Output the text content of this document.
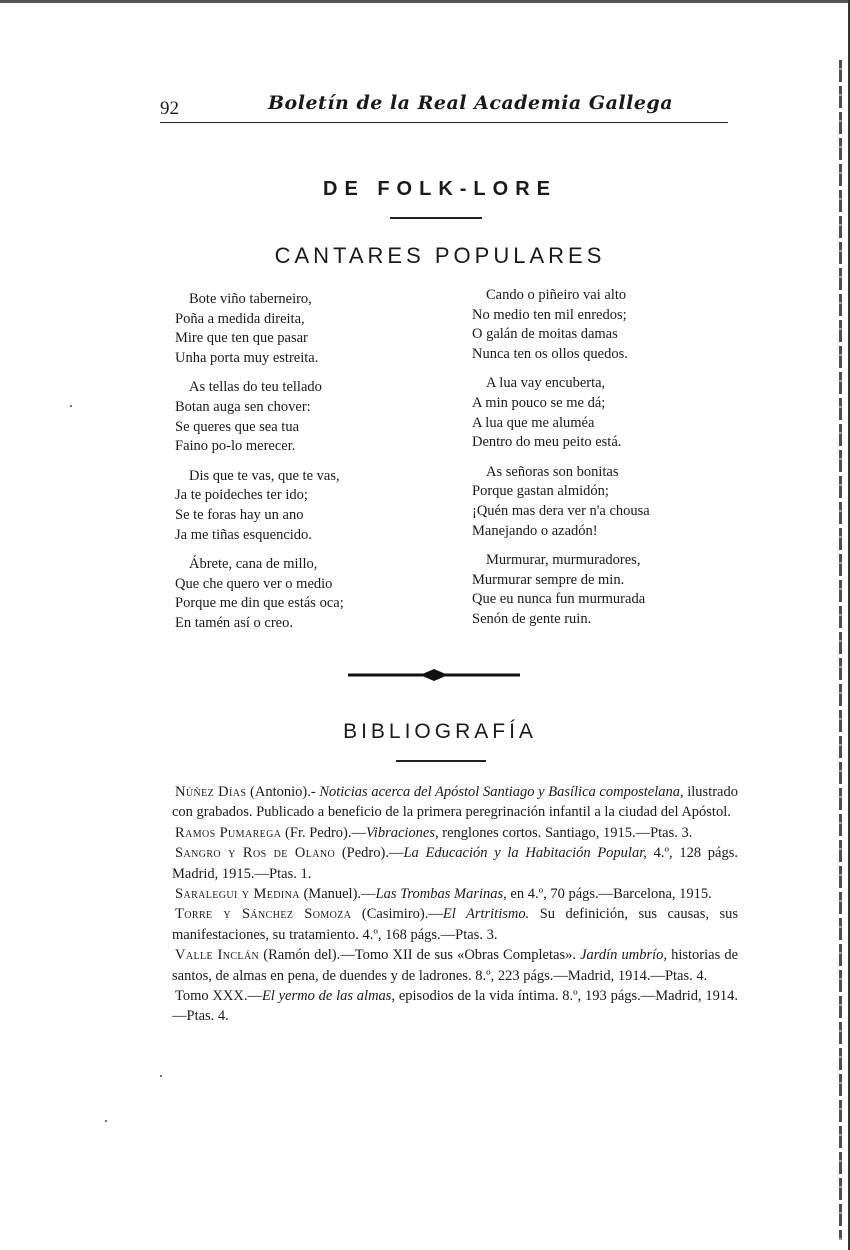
92	Boletín de la Real Academia Gallega
DE FOLK-LORE
CANTARES POPULARES
Bote viño taberneiro,
Poña a medida direita,
Mire que ten que pasar
Unha porta muy estreita.
As tellas do teu tellado
Botan auga sen chover:
Se queres que sea tua
Faino po-lo merecer.
Dis que te vas, que te vas,
Ja te poideches ter ido;
Se te foras hay un ano
Ja me tiñas esquencido.
Ábrete, cana de millo,
Que che quero ver o medio
Porque me din que estás oca;
En tamén así o creo.
Cando o piñeiro vai alto
No medio ten mil enredos;
O galán de moitas damas
Nunca ten os ollos quedos.
A lua vay encuberta,
A min pouco se me dá;
A lua que me aluméa
Dentro do meu peito está.
As señoras son bonitas
Porque gastan almidón;
¡Quén mas dera ver n'a chousa
Manejando o azadón!
Murmurar, murmuradores,
Murmurar sempre de min.
Que eu nunca fun murmurada
Senón de gente ruin.
BIBLIOGRAFÍA

Núñez Días (Antonio).- Noticias acerca del Apóstol Santiago y Basílica compostelana, ilustrado con grabados. Publicado a beneficio de la primera peregrinación infantil a la ciudad del Apóstol.

Ramos Pumarega (Fr. Pedro).—Vibraciones, renglones cortos. Santiago, 1915.—Ptas. 3.

Sangro y Ros de Olano (Pedro).—La Educación y la Habitación Popular, 4.º, 128 págs. Madrid, 1915.—Ptas. 1.

Saralegui y Medina (Manuel).—Las Trombas Marinas, en 4.º, 70 págs.—Barcelona, 1915.

Torre y Sánchez Somoza (Casimiro).—El Artritismo. Su definición, sus causas, sus manifestaciones, su tratamiento. 4.º, 168 págs.—Ptas. 3.

Valle Inclán (Ramón del).—Tomo XII de sus «Obras Completas». Jardín umbrío, historias de santos, de almas en pena, de duendes y de ladrones. 8.º, 223 págs.—Madrid, 1914.—Ptas. 4.

Tomo XXX.—El yermo de las almas, episodios de la vida íntima. 8.º, 193 págs.—Madrid, 1914.—Ptas. 4.
